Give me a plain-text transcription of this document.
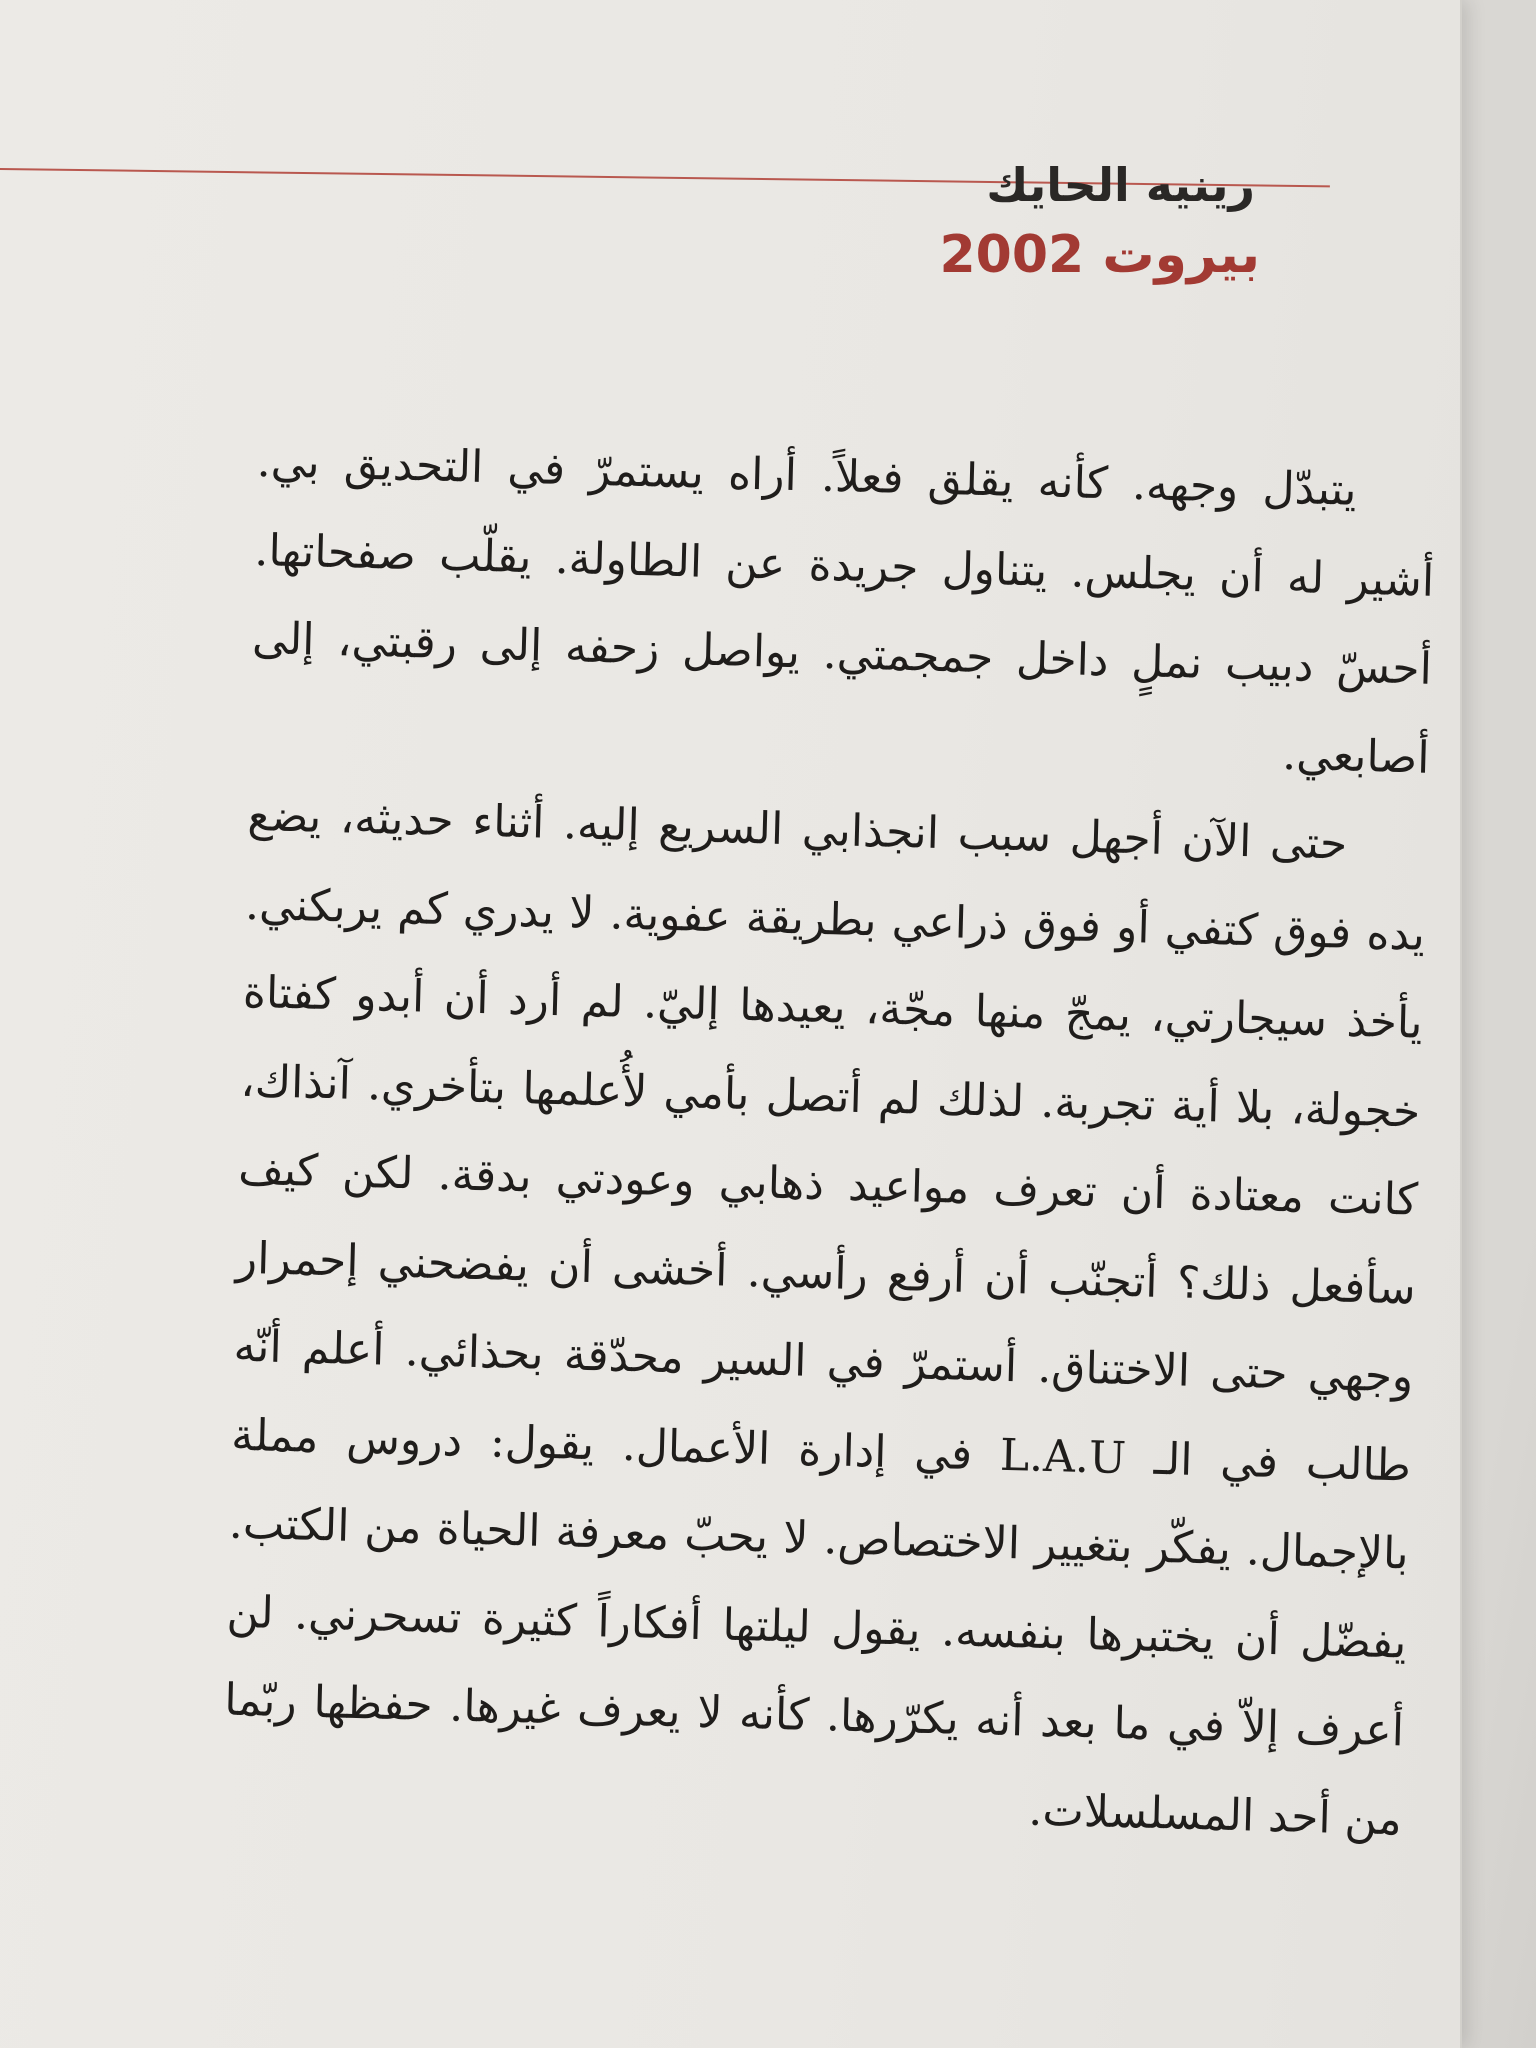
رينيه الحايك
بيروت 2002

يتبدّل وجهه. كأنه يقلق فعلاً. أراه يستمرّ في التحديق بي. أشير له أن يجلس. يتناول جريدة عن الطاولة. يقلّب صفحاتها. أحسّ دبيب نملٍ داخل جمجمتي. يواصل زحفه إلى رقبتي، إلى أصابعي.

حتى الآن أجهل سبب انجذابي السريع إليه. أثناء حديثه، يضع يده فوق كتفي أو فوق ذراعي بطريقة عفوية. لا يدري كم يربكني. يأخذ سيجارتي، يمجّ منها مجّة، يعيدها إليّ. لم أرد أن أبدو كفتاة خجولة، بلا أية تجربة. لذلك لم أتصل بأمي لأُعلمها بتأخري. آنذاك، كانت معتادة أن تعرف مواعيد ذهابي وعودتي بدقة. لكن كيف سأفعل ذلك؟ أتجنّب أن أرفع رأسي. أخشى أن يفضحني إحمرار وجهي حتى الاختناق. أستمرّ في السير محدّقة بحذائي. أعلم أنّه طالب في الـ L.A.U في إدارة الأعمال. يقول: دروس مملة بالإجمال. يفكّر بتغيير الاختصاص. لا يحبّ معرفة الحياة من الكتب. يفضّل أن يختبرها بنفسه. يقول ليلتها أفكاراً كثيرة تسحرني. لن أعرف إلاّ في ما بعد أنه يكرّرها. كأنه لا يعرف غيرها. حفظها ربّما من أحد المسلسلات.
